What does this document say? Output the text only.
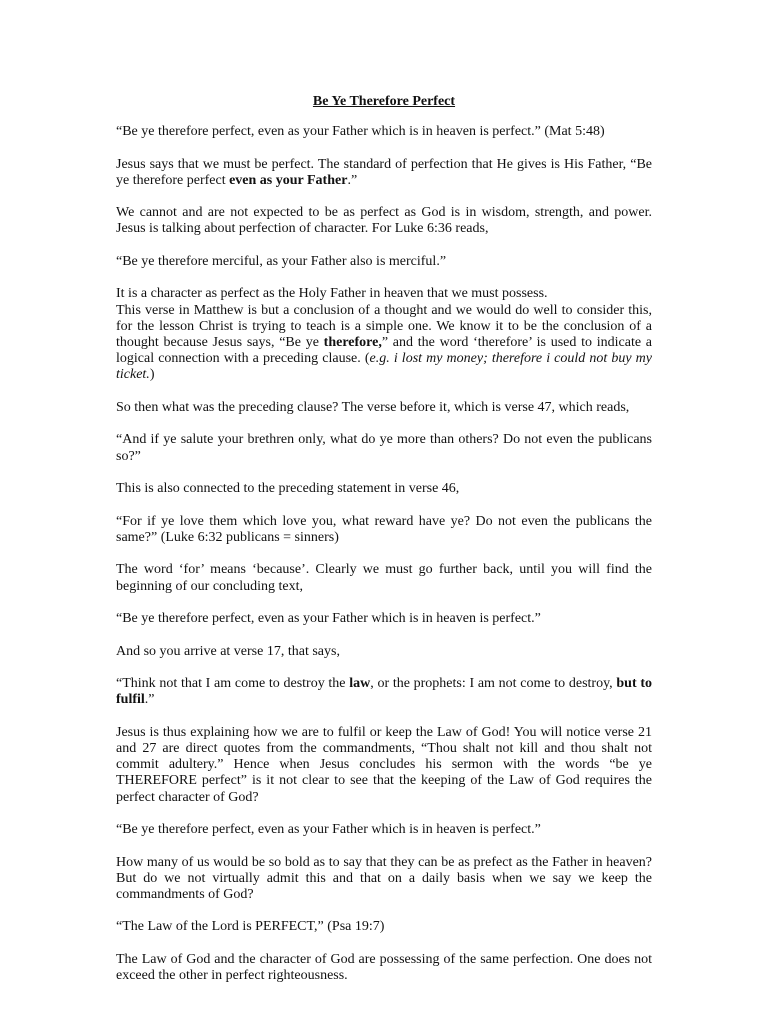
Be Ye Therefore Perfect

“Be ye therefore perfect, even as your Father which is in heaven is perfect.” (Mat 5:48)

Jesus says that we must be perfect. The standard of perfection that He gives is His Father, “Be ye therefore perfect even as your Father.”

We cannot and are not expected to be as perfect as God is in wisdom, strength, and power. Jesus is talking about perfection of character. For Luke 6:36 reads,

“Be ye therefore merciful, as your Father also is merciful.”

It is a character as perfect as the Holy Father in heaven that we must possess.

This verse in Matthew is but a conclusion of a thought and we would do well to consider this, for the lesson Christ is trying to teach is a simple one. We know it to be the conclusion of a thought because Jesus says, “Be ye therefore,” and the word ‘therefore’ is used to indicate a logical connection with a preceding clause. (e.g. i lost my money; therefore i could not buy my ticket.)

So then what was the preceding clause? The verse before it, which is verse 47, which reads,

“And if ye salute your brethren only, what do ye more than others? Do not even the publicans so?”

This is also connected to the preceding statement in verse 46,

“For if ye love them which love you, what reward have ye? Do not even the publicans the same?” (Luke 6:32 publicans = sinners)

The word ‘for’ means ‘because’. Clearly we must go further back, until you will find the beginning of our concluding text,

“Be ye therefore perfect, even as your Father which is in heaven is perfect.”

And so you arrive at verse 17, that says,

“Think not that I am come to destroy the law, or the prophets: I am not come to destroy, but to fulfil.”

Jesus is thus explaining how we are to fulfil or keep the Law of God! You will notice verse 21 and 27 are direct quotes from the commandments, “Thou shalt not kill and thou shalt not commit adultery.” Hence when Jesus concludes his sermon with the words “be ye THEREFORE perfect” is it not clear to see that the keeping of the Law of God requires the perfect character of God?

“Be ye therefore perfect, even as your Father which is in heaven is perfect.”

How many of us would be so bold as to say that they can be as prefect as the Father in heaven? But do we not virtually admit this and that on a daily basis when we say we keep the commandments of God?

“The Law of the Lord is PERFECT,” (Psa 19:7)

The Law of God and the character of God are possessing of the same perfection. One does not exceed the other in perfect righteousness.
